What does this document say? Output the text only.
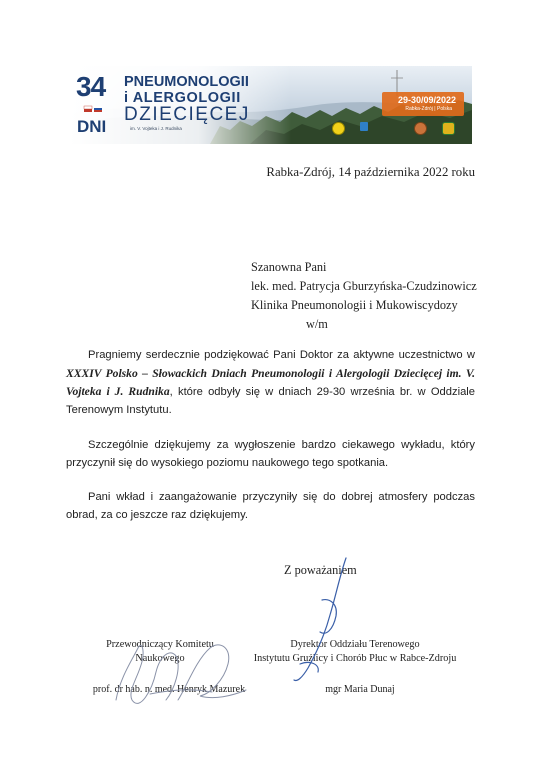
34
DNI
PNEUMONOLOGII
i ALERGOLOGII
DZIECIĘCEJ
im. V. Vojteka i J. Rudnika
29-30/09/2022
Rabka-Zdrój | Polska
Rabka-Zdrój, 14 października 2022 roku
Szanowna Pani
lek. med. Patrycja Gburzyńska-Czudzinowicz
Klinika Pneumonologii i Mukowiscydozy
w/m
Pragniemy serdecznie podziękować Pani Doktor za aktywne uczestnictwo w XXXIV Polsko – Słowackich Dniach Pneumonologii i Alergologii Dziecięcej im. V. Vojteka i J. Rudnika, które odbyły się w dniach 29-30 września br. w Oddziale Terenowym Instytutu.
Szczególnie dziękujemy za wygłoszenie bardzo ciekawego wykładu, który przyczynił się do wysokiego poziomu naukowego tego spotkania.
Pani wkład i zaangażowanie przyczyniły się do dobrej atmosfery podczas obrad, za co jeszcze raz dziękujemy.
Z poważaniem
Przewodniczący Komitetu
Naukowego
Dyrektor Oddziału Terenowego
Instytutu Gruźlicy i Chorób Płuc w Rabce-Zdroju
prof. dr hab. n. med. Henryk Mazurek	mgr Maria Dunaj
